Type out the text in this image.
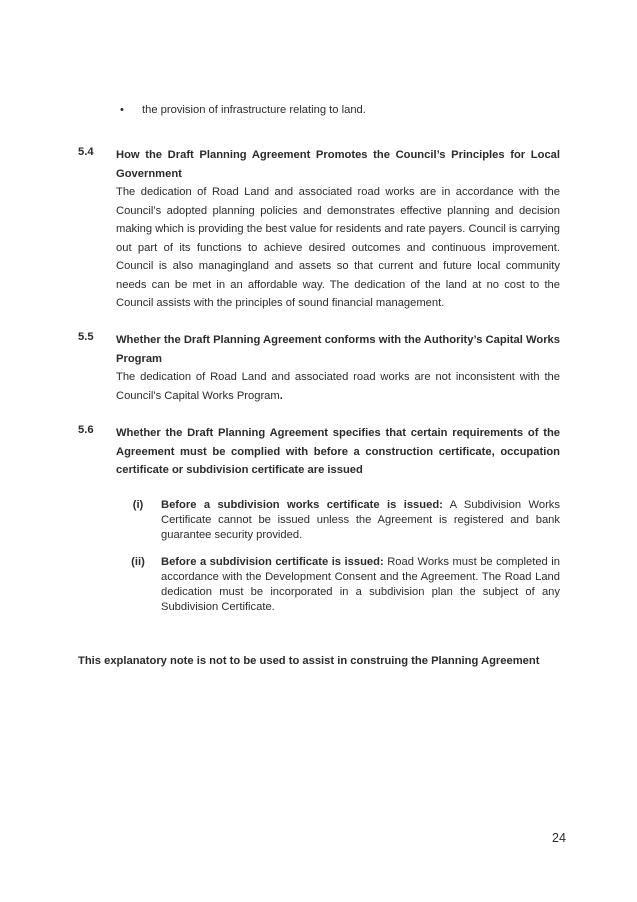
• the provision of infrastructure relating to land.
5.4 How the Draft Planning Agreement Promotes the Council’s Principles for Local Government
The dedication of Road Land and associated road works are in accordance with the Council’s adopted planning policies and demonstrates effective planning and decision making which is providing the best value for residents and rate payers. Council is carrying out part of its functions to achieve desired outcomes and continuous improvement. Council is also managingland and assets so that current and future local community needs can be met in an affordable way. The dedication of the land at no cost to the Council assists with the principles of sound financial management.
5.5 Whether the Draft Planning Agreement conforms with the Authority’s Capital Works Program
The dedication of Road Land and associated road works are not inconsistent with the Council’s Capital Works Program.
5.6 Whether the Draft Planning Agreement specifies that certain requirements of the Agreement must be complied with before a construction certificate, occupation certificate or subdivision certificate are issued
(i)	Before a subdivision works certificate is issued: A Subdivision Works Certificate cannot be issued unless the Agreement is registered and bank guarantee security provided.
(ii)	Before a subdivision certificate is issued: Road Works must be completed in accordance with the Development Consent and the Agreement. The Road Land dedication must be incorporated in a subdivision plan the subject of any Subdivision Certificate.
This explanatory note is not to be used to assist in construing the Planning Agreement
24
